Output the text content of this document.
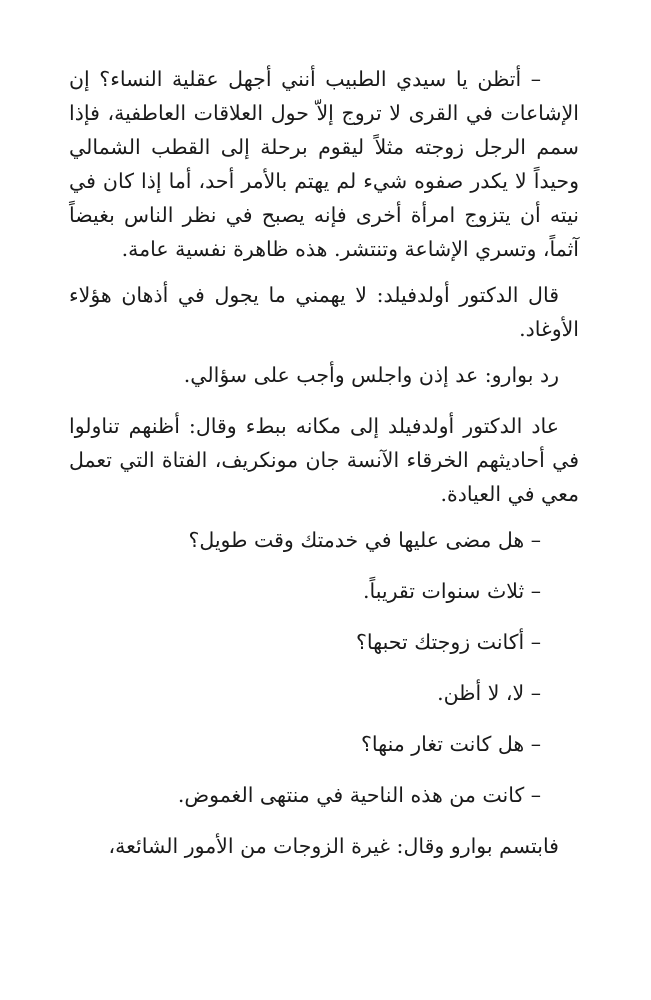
– أتظن يا سيدي الطبيب أنني أجهل عقلية النساء؟ إن الإشاعات في القرى لا تروج إلاّ حول العلاقات العاطفية، فإذا سمم الرجل زوجته مثلاً ليقوم برحلة إلى القطب الشمالي وحيداً لا يكدر صفوه شيء لم يهتم بالأمر أحد، أما إذا كان في نيته أن يتزوج امرأة أخرى فإنه يصبح في نظر الناس بغيضاً آثماً، وتسري الإشاعة وتنتشر. هذه ظاهرة نفسية عامة.

قال الدكتور أولدفيلد: لا يهمني ما يجول في أذهان هؤلاء الأوغاد.

رد بوارو: عد إذن واجلس وأجب على سؤالي.

عاد الدكتور أولدفيلد إلى مكانه ببطء وقال: أظنهم تناولوا في أحاديثهم الخرقاء الآنسة جان مونكريف، الفتاة التي تعمل معي في العيادة.

– هل مضى عليها في خدمتك وقت طويل؟

– ثلاث سنوات تقريباً.

– أكانت زوجتك تحبها؟

– لا، لا أظن.

– هل كانت تغار منها؟

– كانت من هذه الناحية في منتهى الغموض.

فابتسم بوارو وقال: غيرة الزوجات من الأمور الشائعة،
